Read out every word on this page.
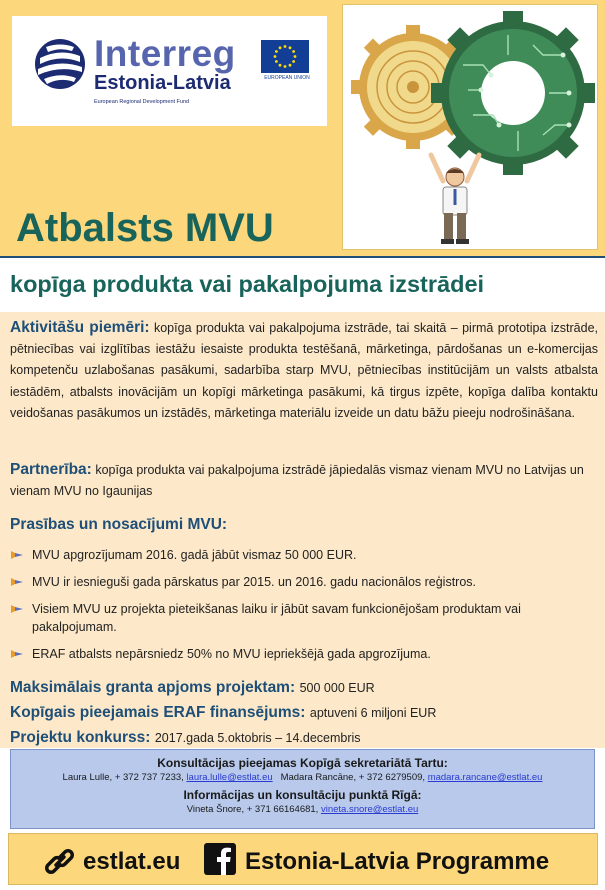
Interreg
Estonia-Latvia
European Regional Development Fund
EUROPEAN UNION
Atbalsts MVU
kopīga produkta vai pakalpojuma izstrādei
Aktivitāšu piemēri: kopīga produkta vai pakalpojuma izstrāde, tai skaitā – pirmā prototipa izstrāde, pētniecības vai izglītības iestāžu iesaiste produkta testēšanā, mārketinga, pārdošanas un e-komercijas kompetenču uzlabošanas pasākumi, sadarbība starp MVU, pētniecības institūcijām un valsts atbalsta iestādēm, atbalsts inovācijām un kopīgi mārketinga pasākumi, kā tirgus izpēte, kopīga dalība kontaktu veidošanas pasākumos un izstādēs, mārketinga materiālu izveide un datu bāžu pieeju nodrošināšana.
Partnerība: kopīga produkta vai pakalpojuma izstrādē jāpiedalās vismaz vienam MVU no Latvijas un vienam MVU no Igaunijas
Prasības un nosacījumi MVU:
MVU apgrozījumam 2016. gadā jābūt vismaz 50 000 EUR.
MVU ir iesnieguši gada pārskatus par 2015. un 2016. gadu nacionālos reģistros.
Visiem MVU uz projekta pieteikšanas laiku ir jābūt savam funkcionējošam produktam vai pakalpojumam.
ERAF atbalsts nepārsniedz 50% no MVU iepriekšējā gada apgrozījuma.
Maksimālais granta apjoms projektam: 500 000 EUR
Kopīgais pieejamais ERAF finansējums: aptuveni 6 miljoni EUR
Projektu konkurss: 2017.gada 5.oktobris – 14.decembris
Konsultācijas pieejamas Kopīgā sekretariātā Tartu:
Laura Lulle, + 372 737 7233, laura.lulle@estlat.eu Madara Rancāne, + 372 6279509, madara.rancane@estlat.eu
Informācijas un konsultāciju punktā Rīgā:
Vineta Šnore, + 371 66164681, vineta.snore@estlat.eu
estlat.eu	Estonia-Latvia Programme
